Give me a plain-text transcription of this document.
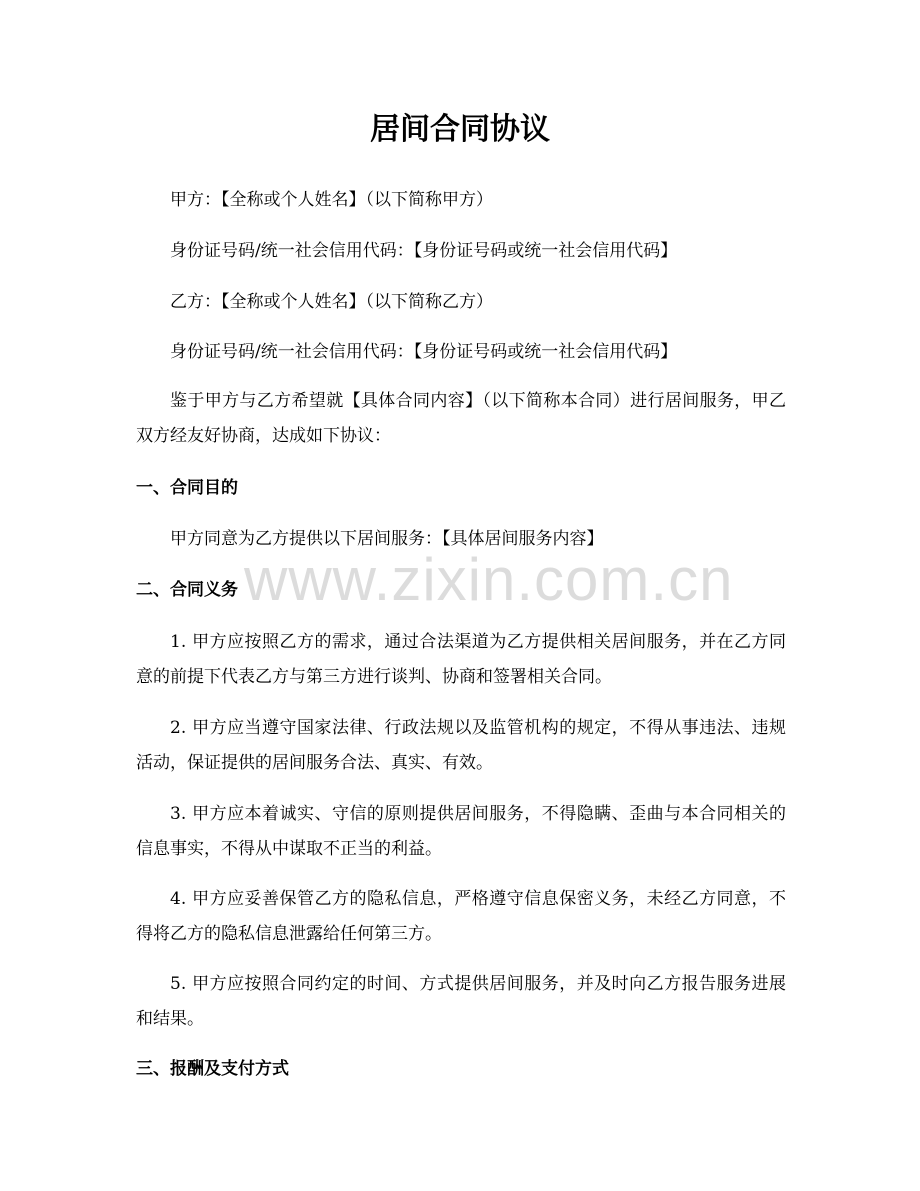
居间合同协议

甲方：【全称或个人姓名】（以下简称甲方）

身份证号码/统一社会信用代码：【身份证号码或统一社会信用代码】

乙方：【全称或个人姓名】（以下简称乙方）

身份证号码/统一社会信用代码：【身份证号码或统一社会信用代码】

鉴于甲方与乙方希望就【具体合同内容】（以下简称本合同）进行居间服务，甲乙双方经友好协商，达成如下协议：

一、合同目的

甲方同意为乙方提供以下居间服务：【具体居间服务内容】

二、合同义务

1. 甲方应按照乙方的需求，通过合法渠道为乙方提供相关居间服务，并在乙方同意的前提下代表乙方与第三方进行谈判、协商和签署相关合同。

2. 甲方应当遵守国家法律、行政法规以及监管机构的规定，不得从事违法、违规活动，保证提供的居间服务合法、真实、有效。

3. 甲方应本着诚实、守信的原则提供居间服务，不得隐瞒、歪曲与本合同相关的信息事实，不得从中谋取不正当的利益。

4. 甲方应妥善保管乙方的隐私信息，严格遵守信息保密义务，未经乙方同意，不得将乙方的隐私信息泄露给任何第三方。

5. 甲方应按照合同约定的时间、方式提供居间服务，并及时向乙方报告服务进展和结果。

三、报酬及支付方式
www.zixin.com.cn
